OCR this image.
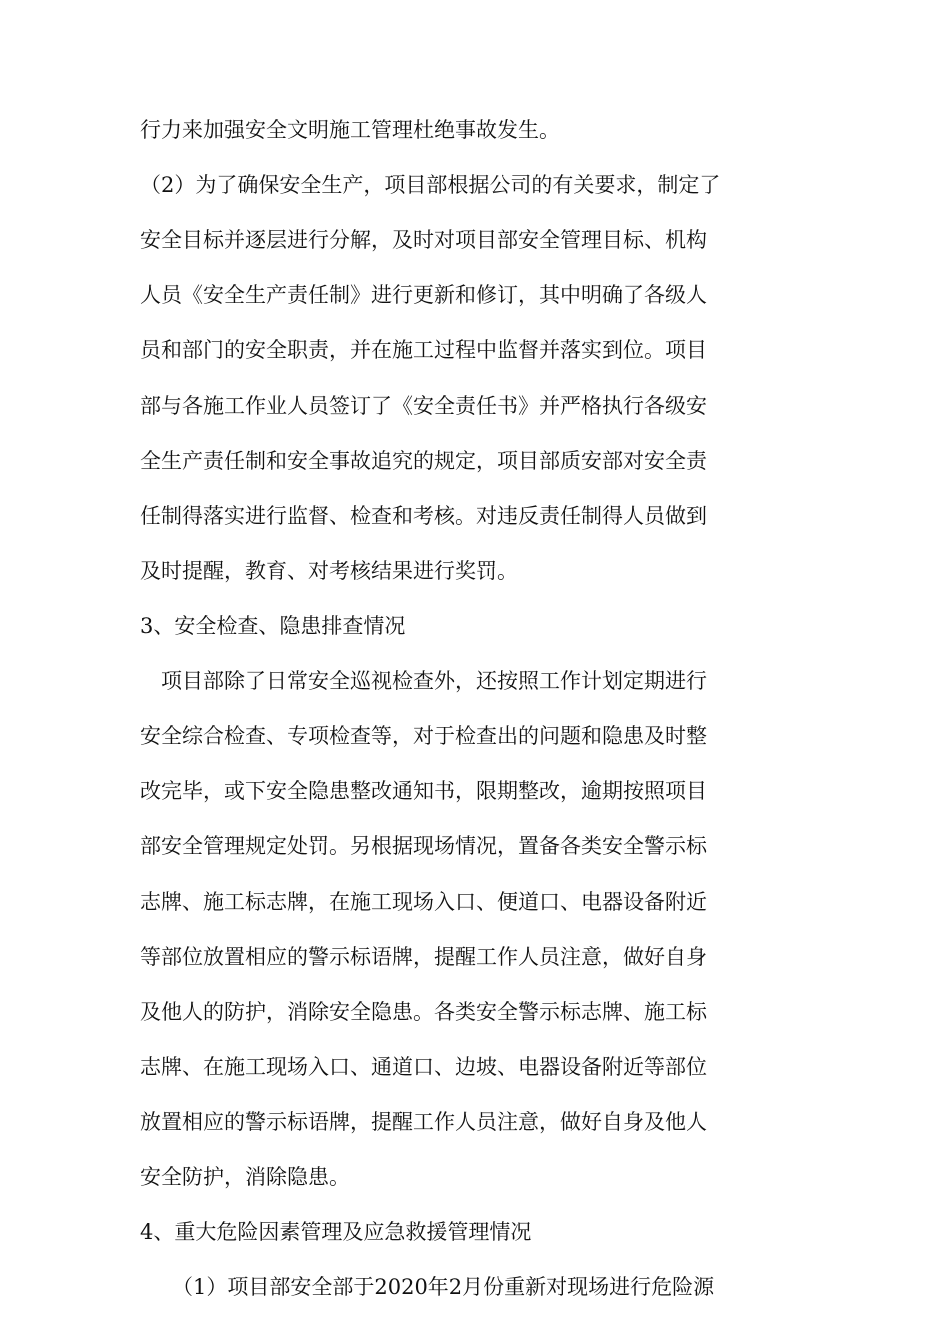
行力来加强安全文明施工管理杜绝事故发生。

（2）为了确保安全生产，项目部根据公司的有关要求，制定了

安全目标并逐层进行分解，及时对项目部安全管理目标、机构

人员《安全生产责任制》进行更新和修订，其中明确了各级人

员和部门的安全职责，并在施工过程中监督并落实到位。项目

部与各施工作业人员签订了《安全责任书》并严格执行各级安

全生产责任制和安全事故追究的规定，项目部质安部对安全责

任制得落实进行监督、检查和考核。对违反责任制得人员做到

及时提醒，教育、对考核结果进行奖罚。

3、安全检查、隐患排查情况

项目部除了日常安全巡视检查外，还按照工作计划定期进行

安全综合检查、专项检查等，对于检查出的问题和隐患及时整

改完毕，或下安全隐患整改通知书，限期整改，逾期按照项目

部安全管理规定处罚。另根据现场情况，置备各类安全警示标

志牌、施工标志牌，在施工现场入口、便道口、电器设备附近

等部位放置相应的警示标语牌，提醒工作人员注意，做好自身

及他人的防护，消除安全隐患。各类安全警示标志牌、施工标

志牌、在施工现场入口、通道口、边坡、电器设备附近等部位

放置相应的警示标语牌，提醒工作人员注意，做好自身及他人

安全防护，消除隐患。

4、重大危险因素管理及应急救援管理情况

（1）项目部安全部于2020年2月份重新对现场进行危险源
